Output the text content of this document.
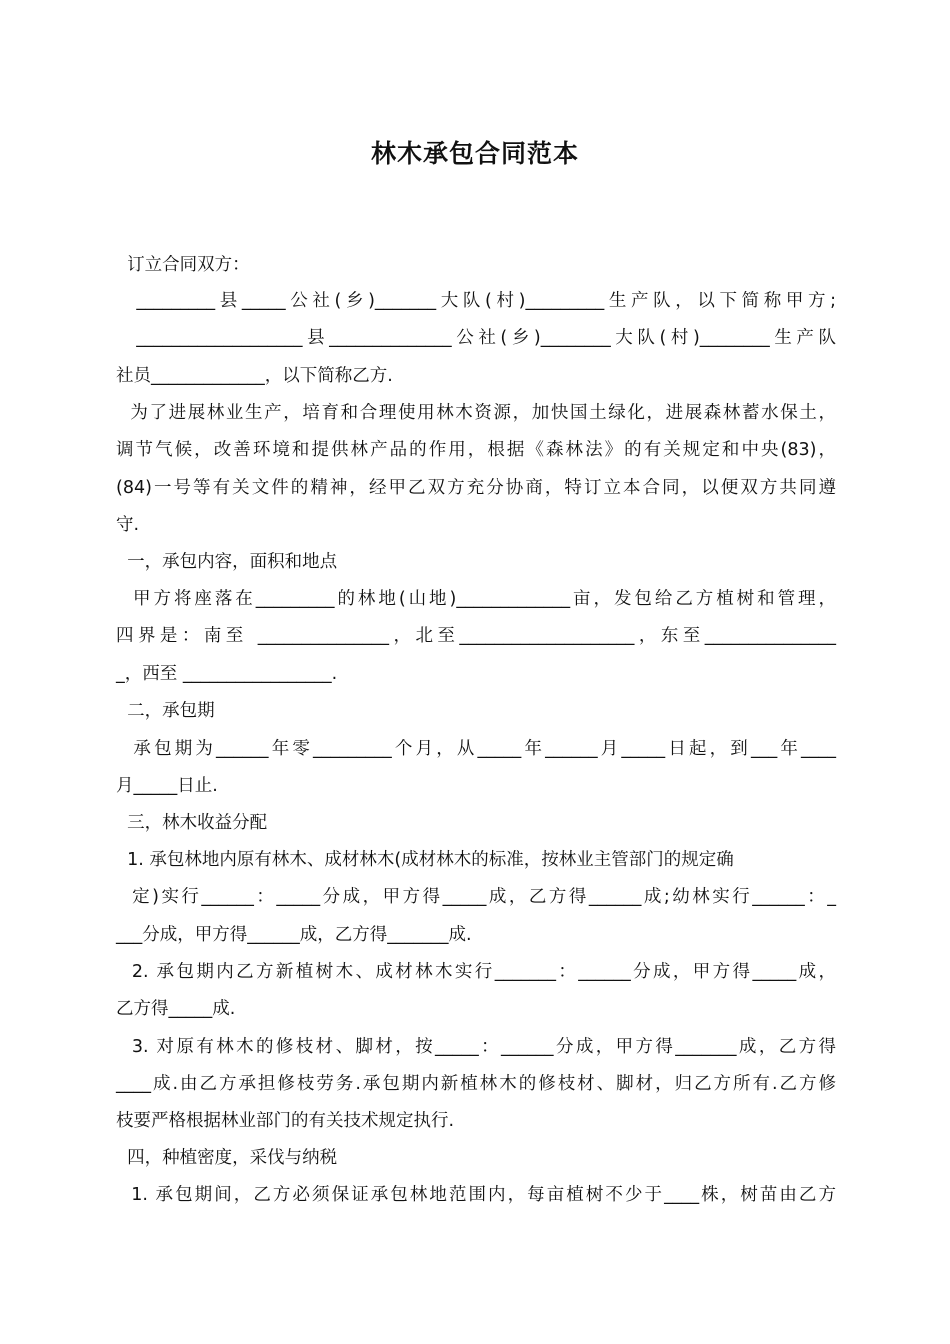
林木承包合同范本
订立合同双方：
_________县_____公社(乡)_______大队(村)_________生产队，以下简称甲方;
___________________县______________公社(乡)________大队(村)________生产队
社员_____________，以下简称乙方.
为了进展林业生产，培育和合理使用林木资源，加快国土绿化，进展森林蓄水保土，
调节气候，改善环境和提供林产品的作用，根据《森林法》的有关规定和中央(83)，
(84)一号等有关文件的精神，经甲乙双方充分协商，特订立本合同，以便双方共同遵
守.
一，承包内容，面积和地点
甲方将座落在_________的林地(山地)_____________亩，发包给乙方植树和管理，
四界是：南至 _______________，北至____________________，东至_______________
_，西至 _________________.
二，承包期
承包期为______年零_________个月，从_____年______月_____日起，到___年____
月_____日止.
三，林木收益分配
1. 承包林地内原有林木、成材林木(成材林木的标准，按林业主管部门的规定确
定)实行______：_____分成，甲方得_____成，乙方得______成;幼林实行______：_
___分成，甲方得______成，乙方得_______成.
2. 承包期内乙方新植树木、成材林木实行_______：______分成，甲方得_____成，
乙方得_____成.
3. 对原有林木的修枝材、脚材，按_____：______分成，甲方得_______成，乙方得
____成.由乙方承担修枝劳务.承包期内新植林木的修枝材、脚材，归乙方所有.乙方修
枝要严格根据林业部门的有关技术规定执行.
四，种植密度，采伐与纳税
1. 承包期间，乙方必须保证承包林地范围内，每亩植树不少于____株，树苗由乙方
